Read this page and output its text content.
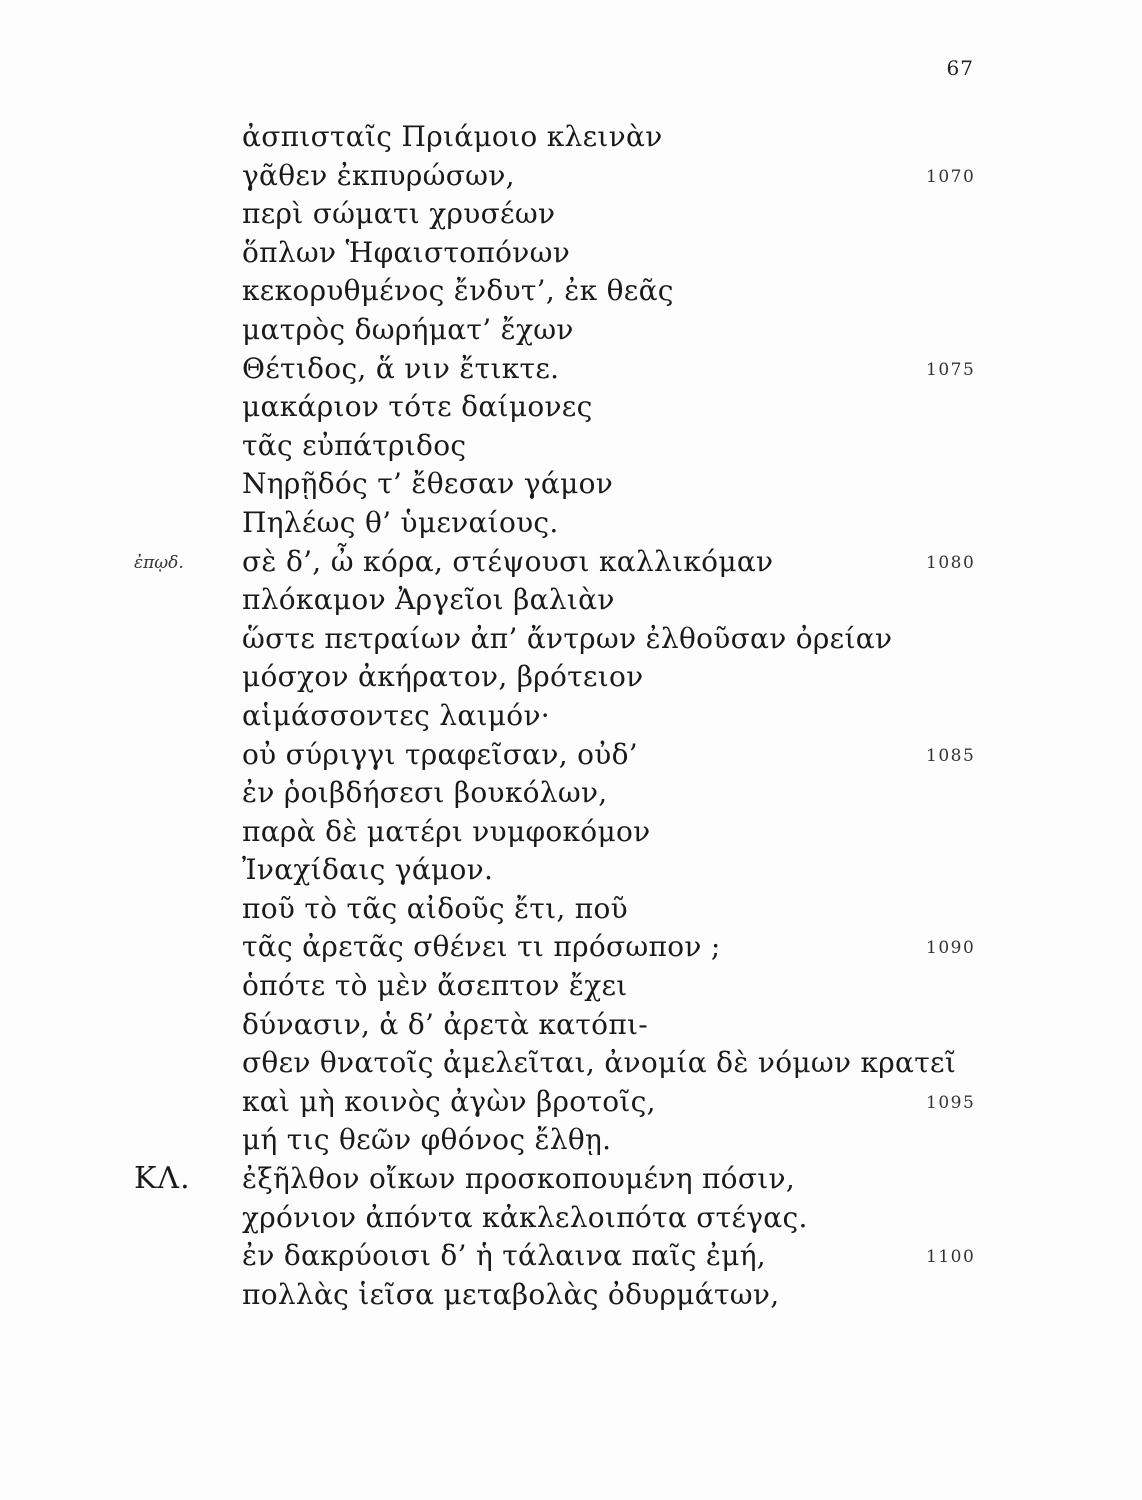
67
ἀσπισταῖς Πριάμοιο κλεινὰν
γᾶθεν ἐκπυρώσων,	1070
περὶ σώματι χρυσέων
ὅπλων Ἡφαιστοπόνων
κεκορυθμένος ἔνδυτ’, ἐκ θεᾶς
ματρὸς δωρήματ’ ἔχων
Θέτιδος, ἅ νιν ἔτικτε.	1075
μακάριον τότε δαίμονες
τᾶς εὐπάτριδος
Νηρῇδός τ’ ἔθεσαν γάμον
Πηλέως θ’ ὑμεναίους.
ἐπῳδ. σὲ δ’, ὦ κόρα, στέψουσι καλλικόμαν	1080
πλόκαμον Ἀργεῖοι βαλιὰν
ὥστε πετραίων ἀπ’ ἄντρων ἐλθοῦσαν ὀρείαν
μόσχον ἀκήρατον, βρότειον
αἱμάσσοντες λαιμόν·
οὐ σύριγγι τραφεῖσαν, οὐδ’	1085
ἐν ῥοιβδήσεσι βουκόλων,
παρὰ δὲ ματέρι νυμφοκόμον
Ἰναχίδαις γάμον.
ποῦ τὸ τᾶς αἰδοῦς ἔτι, ποῦ
τᾶς ἀρετᾶς σθένει τι πρόσωπον ;	1090
ὁπότε τὸ μὲν ἄσεπτον ἔχει
δύνασιν, ἁ δ’ ἀρετὰ κατόπι-
σθεν θνατοῖς ἀμελεῖται, ἀνομία δὲ νόμων κρατεῖ
καὶ μὴ κοινὸς ἀγὼν βροτοῖς,	1095
μή τις θεῶν φθόνος ἔλθῃ.
ΚΛ. ἐξῆλθον οἴκων προσκοπουμένη πόσιν,
χρόνιον ἀπόντα κἀκλελοιπότα στέγας.
ἐν δακρύοισι δ’ ἡ τάλαινα παῖς ἐμή,	1100
πολλὰς ἱεῖσα μεταβολὰς ὀδυρμάτων,
